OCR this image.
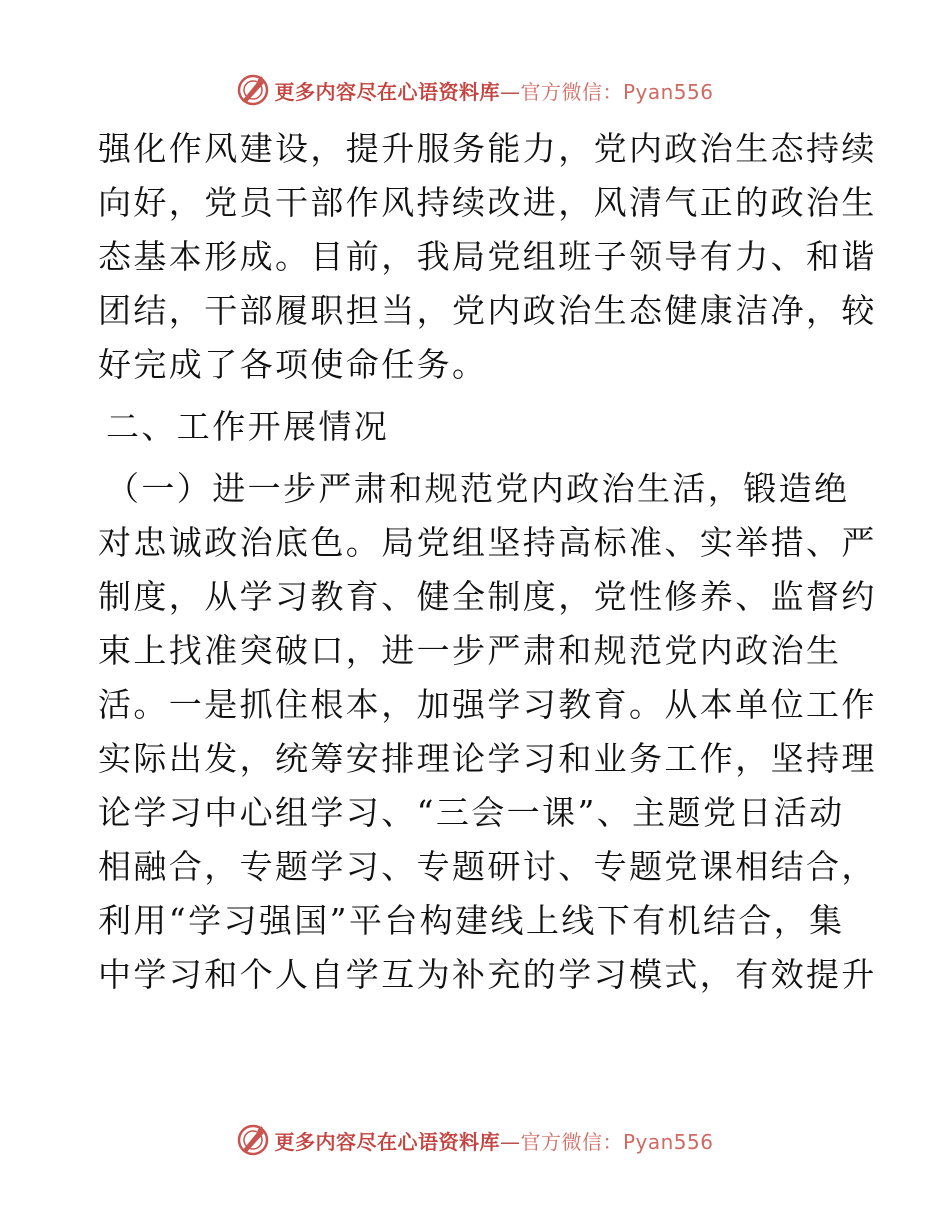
更多内容尽在心语资料库—官方微信：Pyan556
强化作风建设，提升服务能力，党内政治生态持续
向好，党员干部作风持续改进，风清气正的政治生
态基本形成。目前，我局党组班子领导有力、和谐
团结，干部履职担当，党内政治生态健康洁净，较
好完成了各项使命任务。
二、工作开展情况
（一）进一步严肃和规范党内政治生活，锻造绝
对忠诚政治底色。局党组坚持高标准、实举措、严
制度，从学习教育、健全制度，党性修养、监督约
束上找准突破口，进一步严肃和规范党内政治生
活。一是抓住根本，加强学习教育。从本单位工作
实际出发，统筹安排理论学习和业务工作，坚持理
论学习中心组学习、“三会一课”、主题党日活动
相融合，专题学习、专题研讨、专题党课相结合，
利用“学习强国”平台构建线上线下有机结合，集
中学习和个人自学互为补充的学习模式，有效提升
更多内容尽在心语资料库—官方微信：Pyan556
